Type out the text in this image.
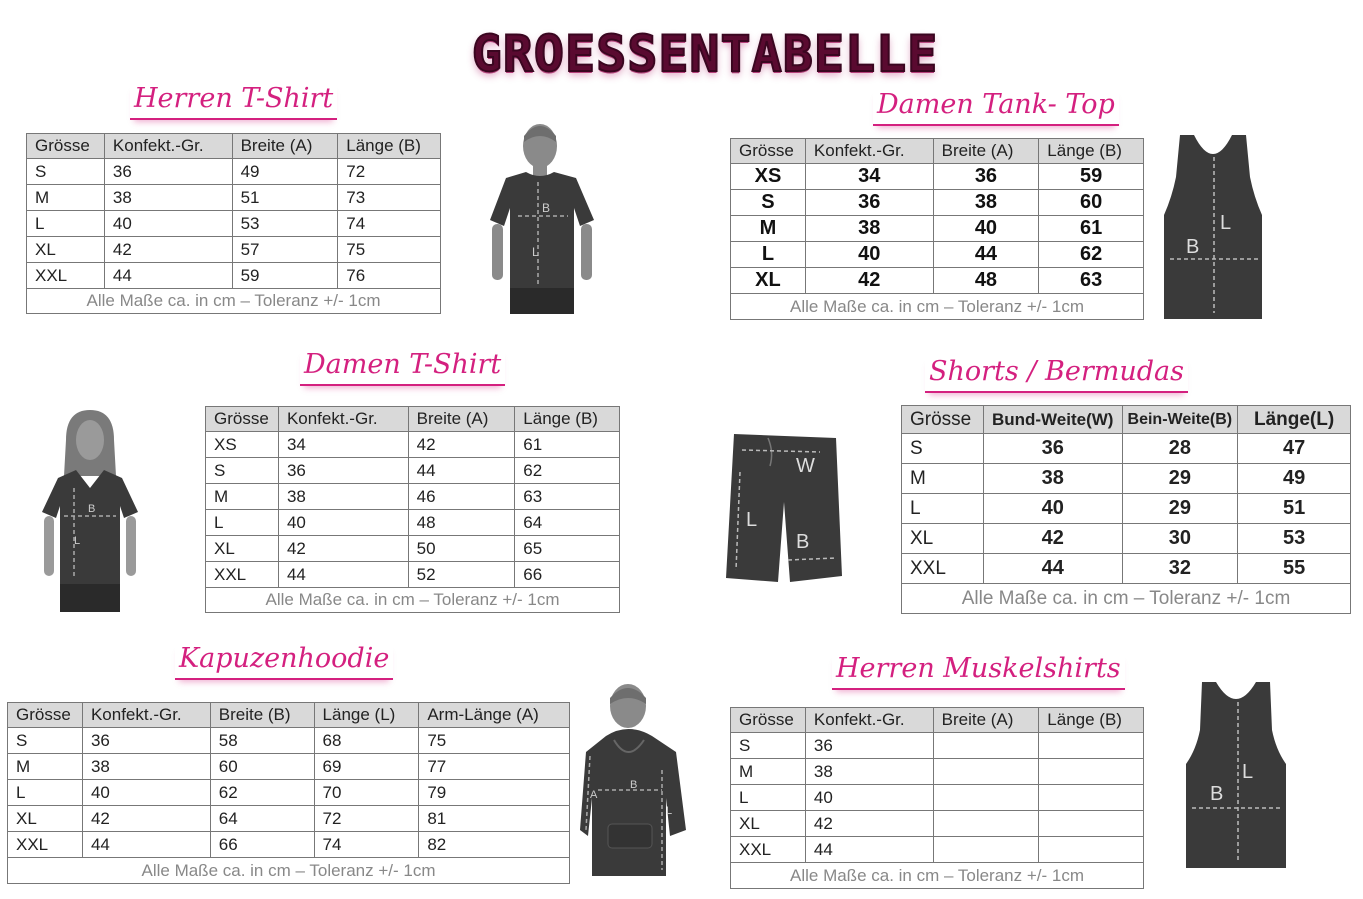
GROESSENTABELLE
Herren T-Shirt	Damen Tank- Top
Damen T-Shirt	Shorts / Bermudas
Kapuzenhoodie	Herren Muskelshirts
Grösse	Konfekt.-Gr.	Breite (A)	Länge (B)
S	36	49	72
M	38	51	73
L	40	53	74
XL	42	57	75
XXL	44	59	76
Alle Maße ca. in cm – Toleranz +/- 1cm			
Grösse	Konfekt.-Gr.	Breite (A)	Länge (B)
XS	34	36	59
S	36	38	60
M	38	40	61
L	40	44	62
XL	42	48	63
Alle Maße ca. in cm – Toleranz +/- 1cm			
Grösse	Konfekt.-Gr.	Breite (A)	Länge (B)
XS	34	42	61
S	36	44	62
M	38	46	63
L	40	48	64
XL	42	50	65
XXL	44	52	66
Alle Maße ca. in cm – Toleranz +/- 1cm			
Grösse	Bund-Weite(W)	Bein-Weite(B)	Länge(L)
S	36	28	47
M	38	29	49
L	40	29	51
XL	42	30	53
XXL	44	32	55
Alle Maße ca. in cm – Toleranz +/- 1cm			
Grösse	Konfekt.-Gr.	Breite (B)	Länge (L)	Arm-Länge (A)
S	36	58	68	75
M	38	60	69	77
L	40	62	70	79
XL	42	64	72	81
XXL	44	66	74	82
Alle Maße ca. in cm – Toleranz +/- 1cm				
Grösse	Konfekt.-Gr.	Breite (A)	Länge (B)
S	36		
M	38		
L	40		
XL	42		
XXL	44		
Alle Maße ca. in cm – Toleranz +/- 1cm			
B
L
L
B
B
L
W
L
B
B
L
A
L
B
